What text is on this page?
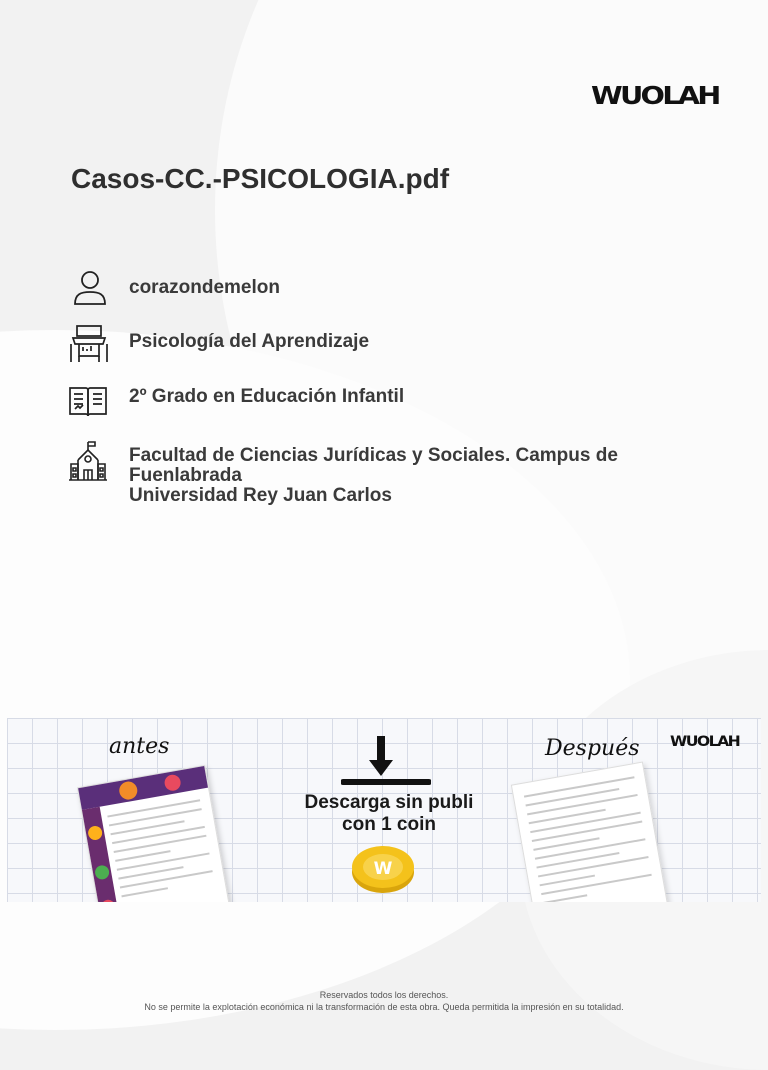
WUOLAH
Casos-CC.-PSICOLOGIA.pdf
corazondemelon
Psicología del Aprendizaje
2º Grado en Educación Infantil
Facultad de Ciencias Jurídicas y Sociales. Campus de
Fuenlabrada
Universidad Rey Juan Carlos
antes	Después WUOLAH
Descarga sin publi
con 1 coin
W
Reservados todos los derechos.
No se permite la explotación económica ni la transformación de esta obra. Queda permitida la impresión en su totalidad.
